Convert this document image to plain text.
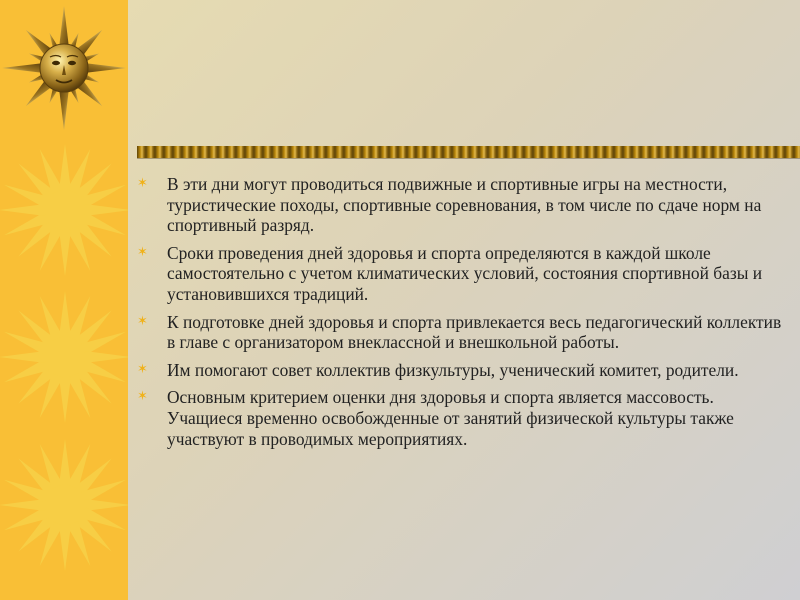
✶ В эти дни могут проводиться подвижные и спортивные игры на местности, туристические походы, спортивные соревнования, в том числе по сдаче норм на спортивный разряд.
✶ Сроки проведения дней здоровья и спорта определяются в каждой школе самостоятельно с учетом климатических условий, состояния спортивной базы и установившихся традиций.
✶ К подготовке дней здоровья и спорта привлекается весь педагогический коллектив в главе с организатором внеклассной и внешкольной работы.
✶ Им помогают совет коллектив физкультуры, ученический комитет, родители.
✶ Основным критерием оценки дня здоровья и спорта является массовость. Учащиеся временно освобожденные от занятий физической культуры также участвуют в проводимых мероприятиях.
